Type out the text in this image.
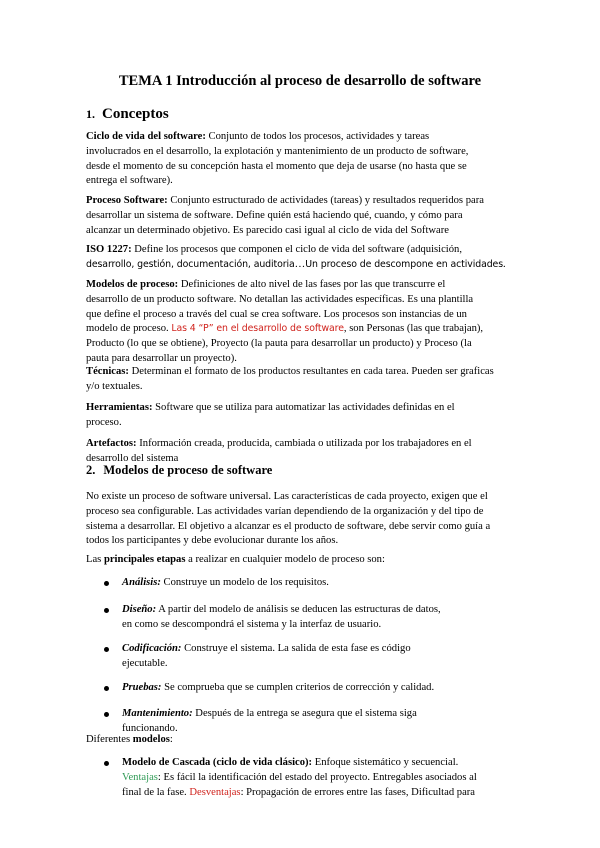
TEMA 1 Introducción al proceso de desarrollo de software
1. Conceptos
Ciclo de vida del software: Conjunto de todos los procesos, actividades y tareas
involucrados en el desarrollo, la explotación y mantenimiento de un producto de software,
desde el momento de su concepción hasta el momento que deja de usarse (no hasta que se
entrega el software).
Proceso Software: Conjunto estructurado de actividades (tareas) y resultados requeridos para
desarrollar un sistema de software. Define quién está haciendo qué, cuando, y cómo para
alcanzar un determinado objetivo. Es parecido casi igual al ciclo de vida del Software
ISO 1227: Define los procesos que componen el ciclo de vida del software (adquisición,
desarrollo, gestión, documentación, auditoria…Un proceso de descompone en actividades.
Modelos de proceso: Definiciones de alto nivel de las fases por las que transcurre el
desarrollo de un producto software. No detallan las actividades específicas. Es una plantilla
que define el proceso a través del cual se crea software. Los procesos son instancias de un
modelo de proceso. Las 4 “P” en el desarrollo de software, son Personas (las que trabajan),
Producto (lo que se obtiene), Proyecto (la pauta para desarrollar un producto) y Proceso (la
pauta para desarrollar un proyecto).
Técnicas: Determinan el formato de los productos resultantes en cada tarea. Pueden ser graficas
y/o textuales.
Herramientas: Software que se utiliza para automatizar las actividades definidas en el
proceso.
Artefactos: Información creada, producida, cambiada o utilizada por los trabajadores en el
desarrollo del sistema
2. Modelos de proceso de software
No existe un proceso de software universal. Las características de cada proyecto, exigen que el
proceso sea configurable. Las actividades varían dependiendo de la organización y del tipo de
sistema a desarrollar. El objetivo a alcanzar es el producto de software, debe servir como guía a
todos los participantes y debe evolucionar durante los años.
Las principales etapas a realizar en cualquier modelo de proceso son:
Análisis: Construye un modelo de los requisitos.
Diseño: A partir del modelo de análisis se deducen las estructuras de datos,
en como se descompondrá el sistema y la interfaz de usuario.
Codificación: Construye el sistema. La salida de esta fase es código
ejecutable.
Pruebas: Se comprueba que se cumplen criterios de corrección y calidad.
Mantenimiento: Después de la entrega se asegura que el sistema siga
funcionando.
Diferentes modelos:
Modelo de Cascada (ciclo de vida clásico): Enfoque sistemático y secuencial.
Ventajas: Es fácil la identificación del estado del proyecto. Entregables asociados al
final de la fase. Desventajas: Propagación de errores entre las fases, Dificultad para
